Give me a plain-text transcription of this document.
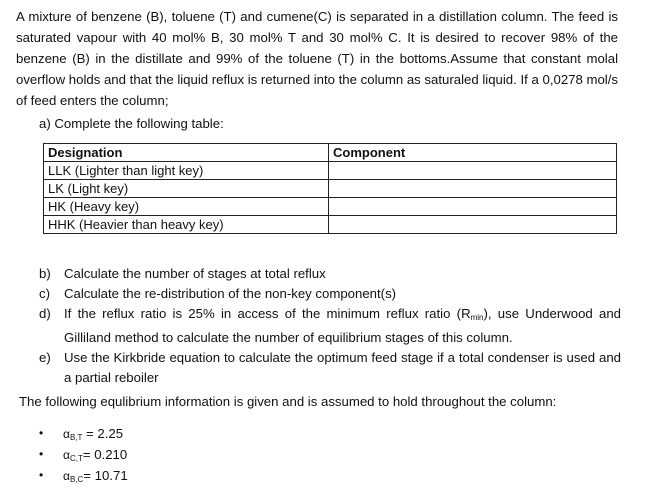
A mixture of benzene (B), toluene (T) and cumene(C) is separated in a distillation column. The feed is saturated vapour with 40 mol% B, 30 mol% T and 30 mol% C. It is desired to recover 98% of the benzene (B) in the distillate and 99% of the toluene (T) in the bottoms.Assume that constant molal overflow holds and that the liquid reflux is returned into the column as saturaled liquid. If a 0,0278 mol/s of feed enters the column;

a) Complete the following table:
Designation	Component
LLK (Lighter than light key)	
LK (Light key)	
HK (Heavy key)	
HHK (Heavier than heavy key)	
b) Calculate the number of stages at total reflux
c) Calculate the re-distribution of the non-key component(s)
d) If the reflux ratio is 25% in access of the minimum reflux ratio $(R_{min})$, use Underwood and Gilliland method to calculate the number of equilibrium stages of this column.
e) Use the Kirkbride equation to calculate the optimum feed stage if a total condenser is used and a partial reboiler
The following equlibrium information is given and is assumed to hold throughout the column:
• $\alpha_{B,T} = 2.25$
• $\alpha_{C,T}= 0.210$
• $\alpha_{B,C}= 10.71$
